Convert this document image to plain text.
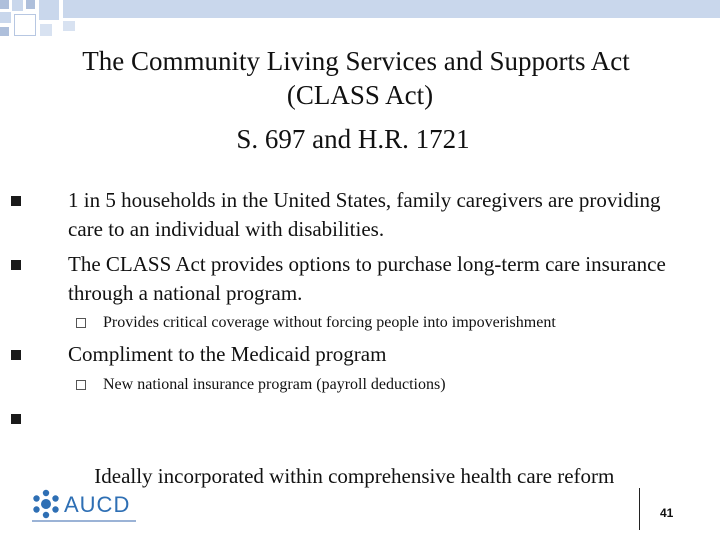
The Community Living Services and Supports Act
(CLASS Act)
S. 697 and H.R. 1721
1 in 5 households in the United States, family caregivers are providing care to an individual with disabilities.
The CLASS Act provides options to purchase long-term care insurance through a national program.
Provides critical coverage without forcing people into impoverishment
Compliment to the Medicaid program
New national insurance program (payroll deductions)

Ideally incorporated within comprehensive health care reform

AUCD	41
